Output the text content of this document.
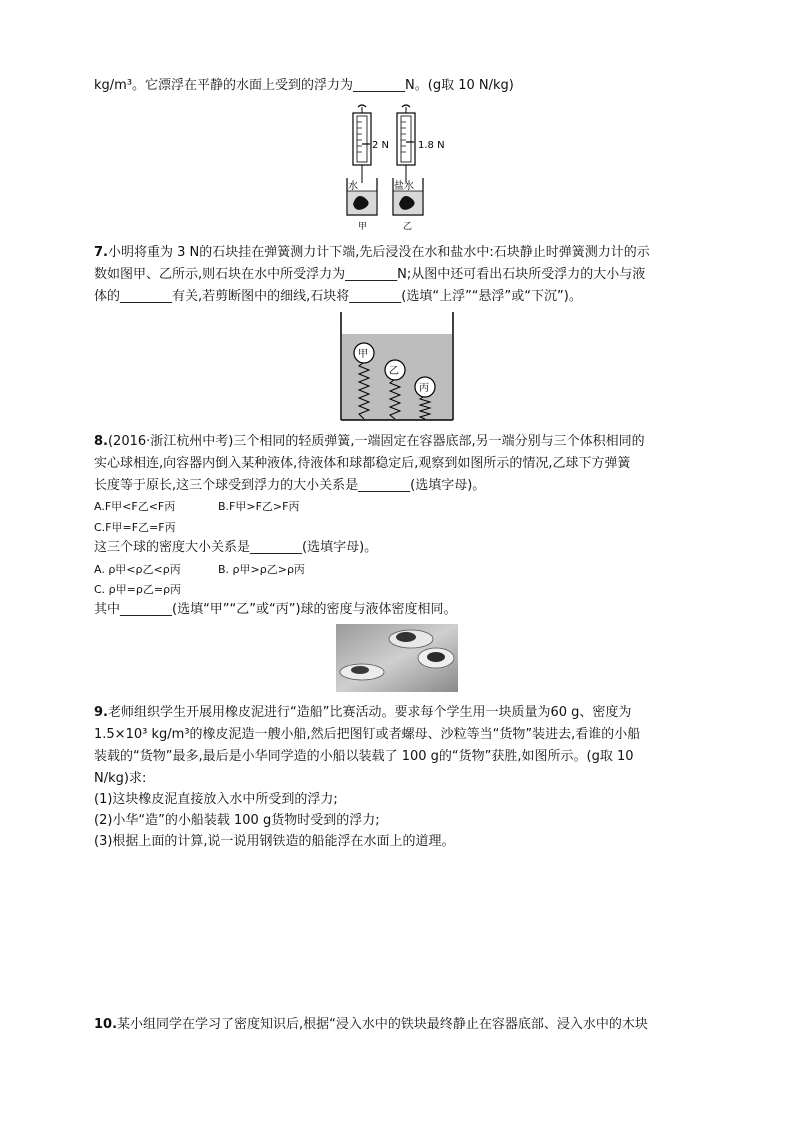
kg/m³。它漂浮在平静的水面上受到的浮力为________N。(g取 10 N/kg)
2 N
水
甲
1.8 N
盐水
乙
7.小明将重为 3 N的石块挂在弹簧测力计下端,先后浸没在水和盐水中:石块静止时弹簧测力计的示
数如图甲、乙所示,则石块在水中所受浮力为________N;从图中还可看出石块所受浮力的大小与液
体的________有关,若剪断图中的细线,石块将________(选填“上浮”“悬浮”或“下沉”)。
甲
乙
丙
8.(2016·浙江杭州中考)三个相同的轻质弹簧,一端固定在容器底部,另一端分别与三个体积相同的
实心球相连,向容器内倒入某种液体,待液体和球都稳定后,观察到如图所示的情况,乙球下方弹簧
长度等于原长,这三个球受到浮力的大小关系是________(选填字母)。
A.F甲<F乙<F丙	B.F甲>F乙>F丙
C.F甲=F乙=F丙
这三个球的密度大小关系是________(选填字母)。
A. ρ甲<ρ乙<ρ丙	B. ρ甲>ρ乙>ρ丙
C. ρ甲=ρ乙=ρ丙
其中________(选填“甲”“乙”或“丙”)球的密度与液体密度相同。
9.老师组织学生开展用橡皮泥进行“造船”比赛活动。要求每个学生用一块质量为60 g、密度为
1.5×10³ kg/m³的橡皮泥造一艘小船,然后把图钉或者螺母、沙粒等当“货物”装进去,看谁的小船
装载的“货物”最多,最后是小华同学造的小船以装载了 100 g的“货物”获胜,如图所示。(g取 10
N/kg)求:
(1)这块橡皮泥直接放入水中所受到的浮力;
(2)小华“造”的小船装载 100 g货物时受到的浮力;
(3)根据上面的计算,说一说用钢铁造的船能浮在水面上的道理。
10.某小组同学在学习了密度知识后,根据“浸入水中的铁块最终静止在容器底部、浸入水中的木块
